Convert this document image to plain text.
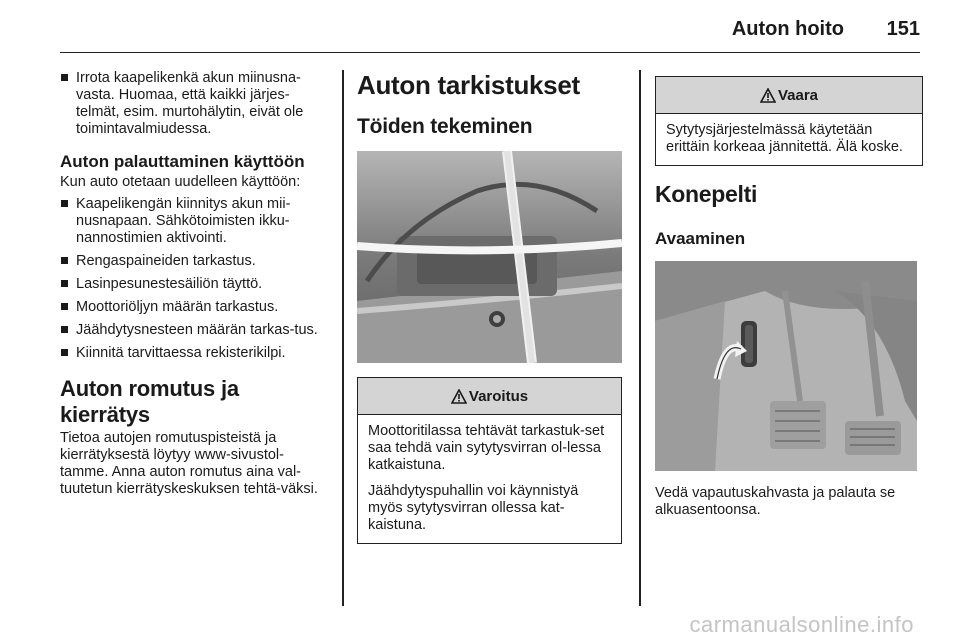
Auton hoito 151
Irrota kaapelikenkä akun miinusna-vasta. Huomaa, että kaikki järjes-telmät, esim. murtohälytin, eivät ole toimintavalmiudessa.
Auton palauttaminen käyttöön
Kun auto otetaan uudelleen käyttöön:
Kaapelikengän kiinnitys akun mii-nusnapaan. Sähkötoimisten ikku-nannostimien aktivointi.
Rengaspaineiden tarkastus.
Lasinpesunestesäiliön täyttö.
Moottoriöljyn määrän tarkastus.
Jäähdytysnesteen määrän tarkas-tus.
Kiinnitä tarvittaessa rekisterikilpi.
Auton romutus ja kierrätys
Tietoa autojen romutuspisteistä ja kierrätyksestä löytyy www-sivustol-tamme. Anna auton romutus aina val-tuutetun kierrätyskeskuksen tehtä-väksi.
Auton tarkistukset
Töiden tekeminen
Varoitus

Moottoritilassa tehtävät tarkastuk-set saa tehdä vain sytytysvirran ol-lessa katkaistuna.

Jäähdytyspuhallin voi käynnistyä myös sytytysvirran ollessa kat-kaistuna.

Vaara

Sytytysjärjestelmässä käytetään erittäin korkeaa jännitettä. Älä koske.

Konepelti
Avaaminen
Vedä vapautuskahvasta ja palauta se alkuasentoonsa.
carmanualsonline.info
